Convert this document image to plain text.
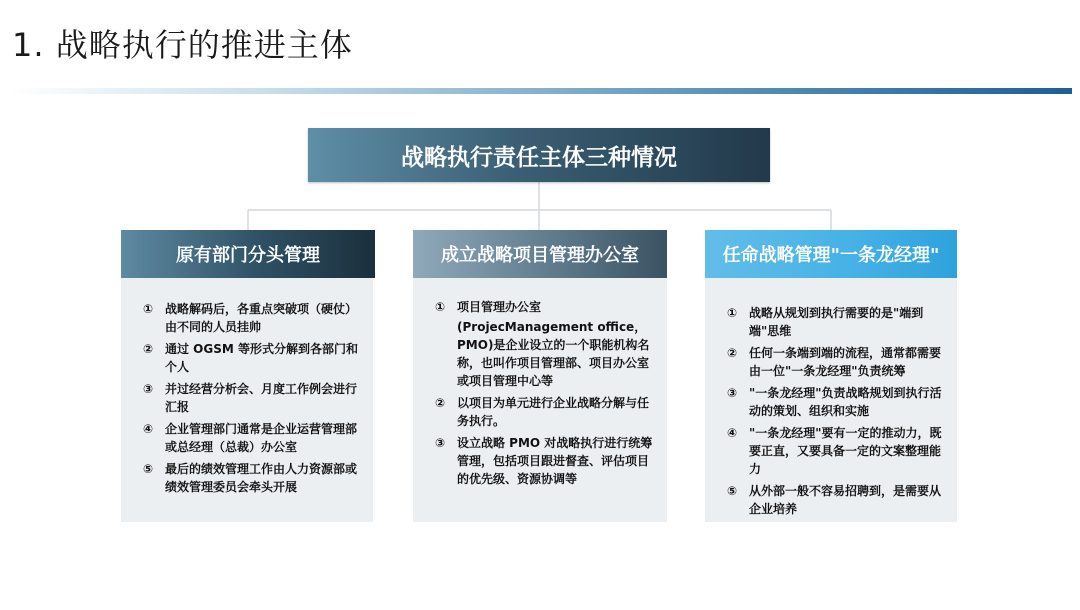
1. 战略执行的推进主体
战略执行责任主体三种情况
原有部门分头管理
① 战略解码后，各重点突破项（硬仗）由不同的人员挂帅
② 通过 OGSM 等形式分解到各部门和个人
③ 并过经营分析会、月度工作例会进行汇报
④ 企业管理部门通常是企业运营管理部或总经理（总裁）办公室
⑤ 最后的绩效管理工作由人力资源部或绩效管理委员会牵头开展
成立战略项目管理办公室
① 项目管理办公室
(ProjecManagement office， PMO)是企业设立的一个职能机构名称，也叫作项目管理部、项目办公室或项目管理中心等
② 以项目为单元进行企业战略分解与任务执行。
③ 设立战略 PMO 对战略执行进行统筹管理，包括项目跟进督查、评估项目的优先级、资源协调等
任命战略管理"一条龙经理"
① 战略从规划到执行需要的是"端到端"思维
② 任何一条端到端的流程，通常都需要由一位"一条龙经理"负责统筹
③ "一条龙经理"负责战略规划到执行活动的策划、组织和实施
④ "一条龙经理"要有一定的推动力，既要正直，又要具备一定的文案整理能力
⑤ 从外部一般不容易招聘到，是需要从企业培养
